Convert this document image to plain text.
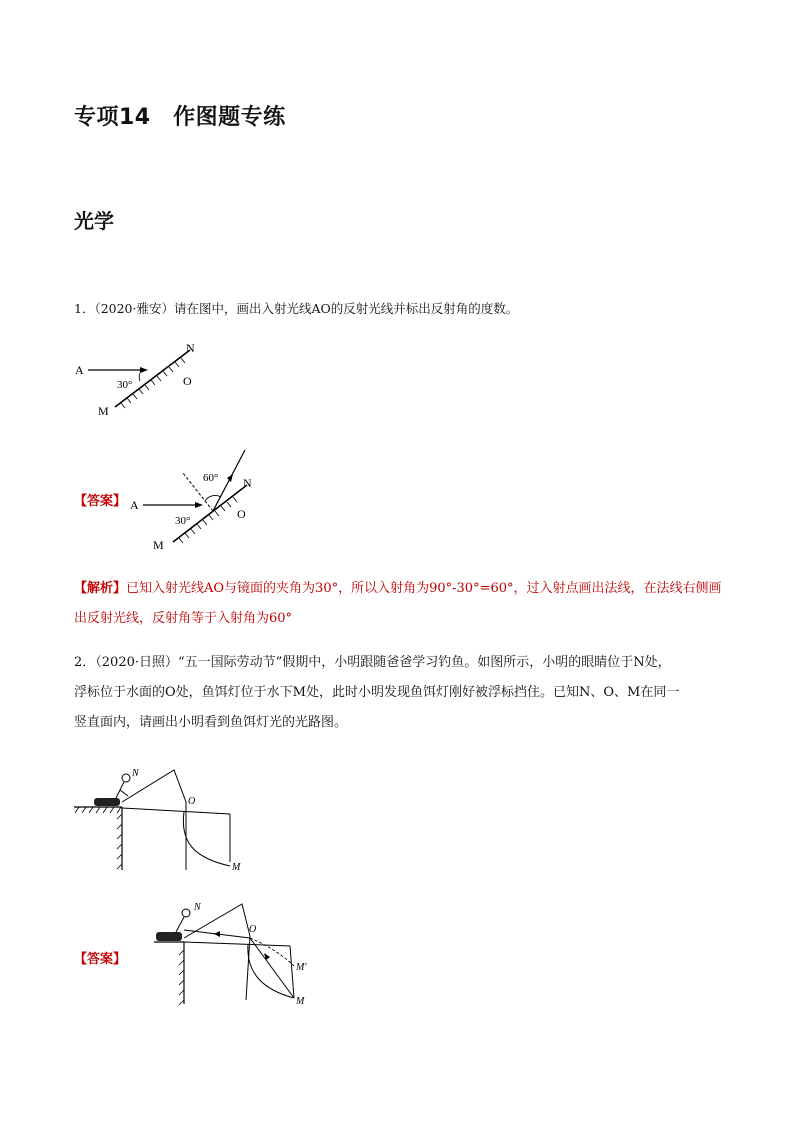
专项14　作图题专练
光学
1．（2020·雅安）请在图中，画出入射光线AO的反射光线并标出反射角的度数。
A
N
O
M
30°
【答案】 A
N
O
M
30°
60°
【解析】已知入射光线AO与镜面的夹角为30°，所以入射角为90°-30°=60°，过入射点画出法线，在法线右侧画出反射光线，反射角等于入射角为60°
2．（2020·日照）“五一国际劳动节”假期中，小明跟随爸爸学习钓鱼。如图所示，小明的眼睛位于N处，
浮标位于水面的O处，鱼饵灯位于水下M处，此时小明发现鱼饵灯刚好被浮标挡住。已知N、O、M在同一
竖直面内，请画出小明看到鱼饵灯光的光路图。
N
O
M
【答案】
N
O
M′
M
